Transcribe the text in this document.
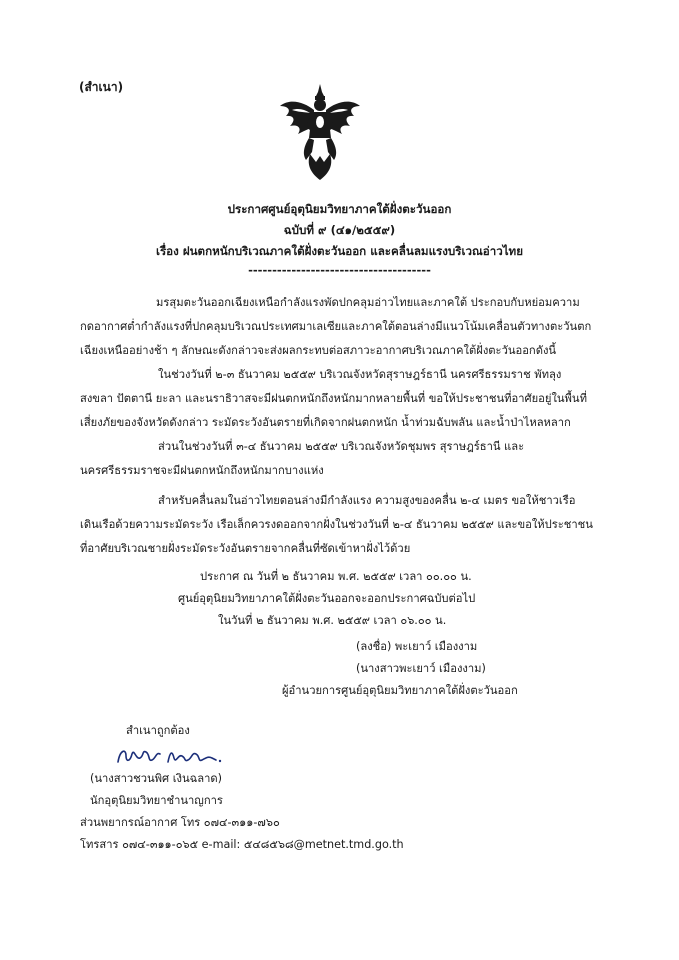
(สำเนา)
ประกาศศูนย์อุตุนิยมวิทยาภาคใต้ฝั่งตะวันออก
ฉบับที่ ๙ (๔๑/๒๕๕๙)
เรื่อง ฝนตกหนักบริเวณภาคใต้ฝั่งตะวันออก และคลื่นลมแรงบริเวณอ่าวไทย
--------------------------------------
มรสุมตะวันออกเฉียงเหนือกำลังแรงพัดปกคลุมอ่าวไทยและภาคใต้ ประกอบกับหย่อมความ
กดอากาศต่ำกำลังแรงที่ปกคลุมบริเวณประเทศมาเลเซียและภาคใต้ตอนล่างมีแนวโน้มเคลื่อนตัวทางตะวันตก
เฉียงเหนืออย่างช้า ๆ ลักษณะดังกล่าวจะส่งผลกระทบต่อสภาวะอากาศบริเวณภาคใต้ฝั่งตะวันออกดังนี้
ในช่วงวันที่ ๒-๓ ธันวาคม ๒๕๕๙ บริเวณจังหวัดสุราษฎร์ธานี นครศรีธรรมราช พัทลุง
สงขลา ปัตตานี ยะลา และนราธิวาสจะมีฝนตกหนักถึงหนักมากหลายพื้นที่ ขอให้ประชาชนที่อาศัยอยู่ในพื้นที่
เสี่ยงภัยของจังหวัดดังกล่าว ระมัดระวังอันตรายที่เกิดจากฝนตกหนัก น้ำท่วมฉับพลัน และน้ำป่าไหลหลาก
ส่วนในช่วงวันที่ ๓-๔ ธันวาคม ๒๕๕๙ บริเวณจังหวัดชุมพร สุราษฎร์ธานี และ
นครศรีธรรมราชจะมีฝนตกหนักถึงหนักมากบางแห่ง
สำหรับคลื่นลมในอ่าวไทยตอนล่างมีกำลังแรง ความสูงของคลื่น ๒-๔ เมตร ขอให้ชาวเรือ
เดินเรือด้วยความระมัดระวัง เรือเล็กควรงดออกจากฝั่งในช่วงวันที่ ๒-๔ ธันวาคม ๒๕๕๙ และขอให้ประชาชน
ที่อาศัยบริเวณชายฝั่งระมัดระวังอันตรายจากคลื่นที่ซัดเข้าหาฝั่งไว้ด้วย
ประกาศ ณ วันที่ ๒ ธันวาคม พ.ศ. ๒๕๕๙ เวลา ๐๐.๐๐ น.
ศูนย์อุตุนิยมวิทยาภาคใต้ฝั่งตะวันออกจะออกประกาศฉบับต่อไป
ในวันที่ ๒ ธันวาคม พ.ศ. ๒๕๕๙ เวลา ๐๖.๐๐ น.
(ลงชื่อ) พะเยาว์ เมืองงาม
(นางสาวพะเยาว์ เมืองงาม)
ผู้อำนวยการศูนย์อุตุนิยมวิทยาภาคใต้ฝั่งตะวันออก
สำเนาถูกต้อง
(นางสาวชวนพิศ เงินฉลาด)
นักอุตุนิยมวิทยาชำนาญการ
ส่วนพยากรณ์อากาศ โทร ๐๗๔-๓๑๑-๗๖๐
โทรสาร ๐๗๔-๓๑๑-๐๖๕ e-mail: ๕๔๘๕๖๘@metnet.tmd.go.th
